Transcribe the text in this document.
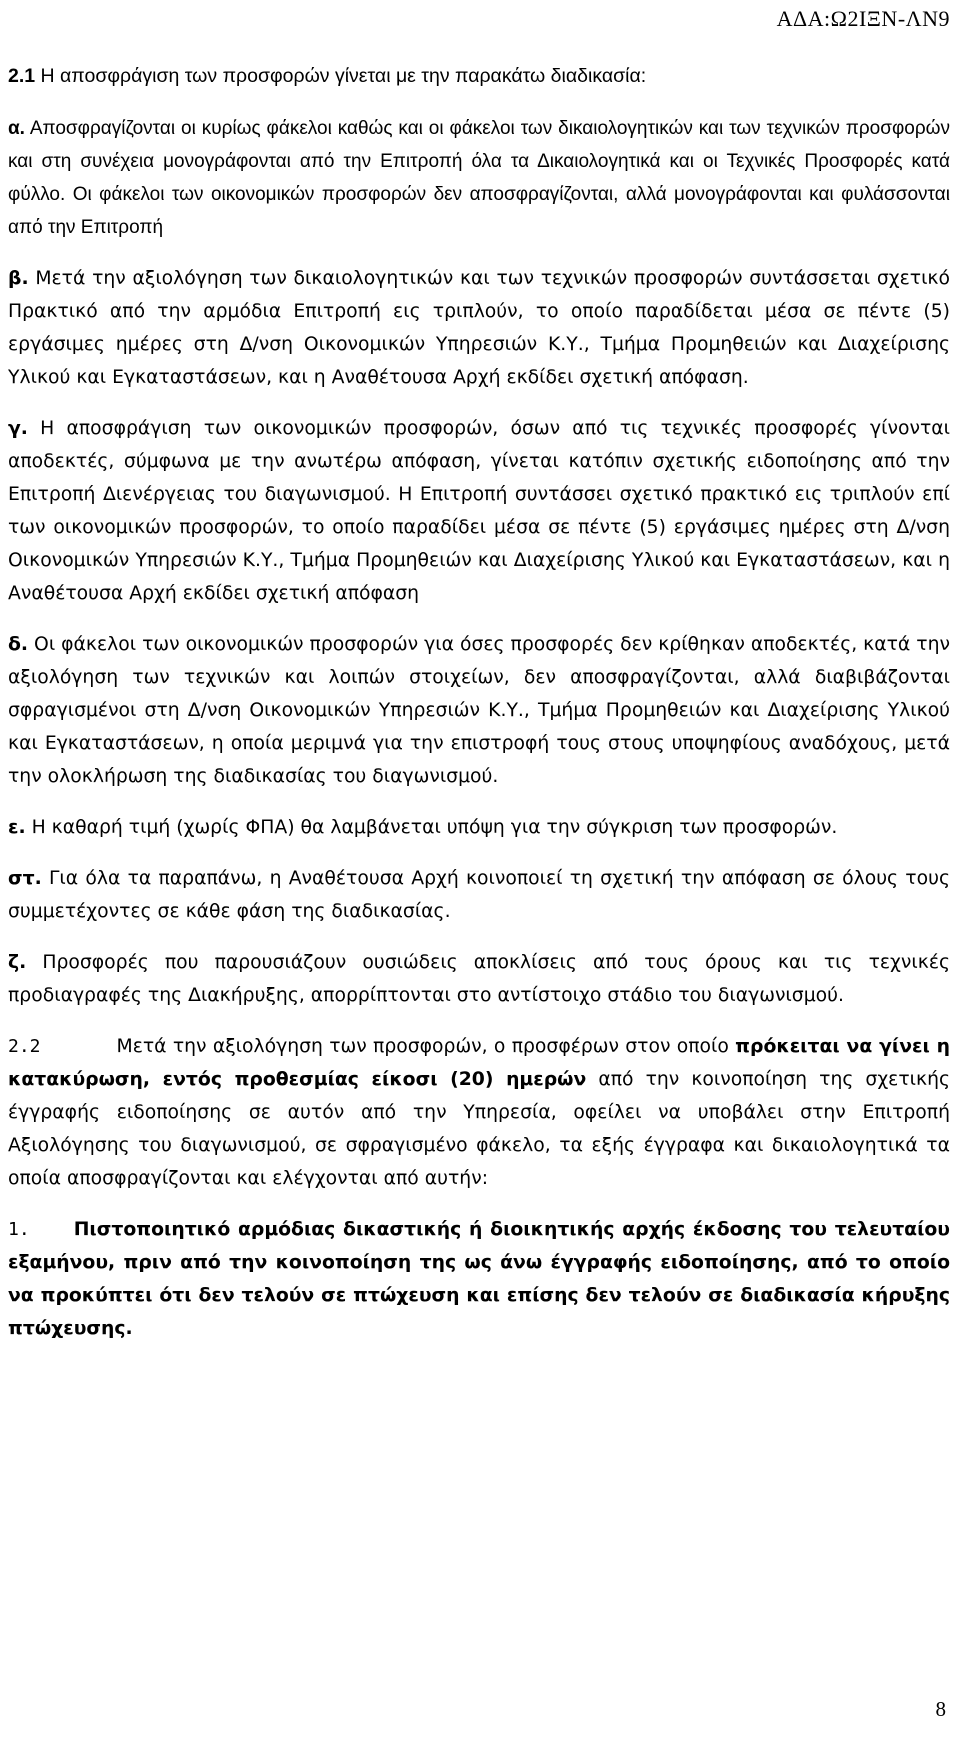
ΑΔΑ:Ω2ΙΞΝ-ΛΝ9
2.1 Η αποσφράγιση των προσφορών γίνεται με την παρακάτω διαδικασία:

α. Αποσφραγίζονται οι κυρίως φάκελοι καθώς και οι φάκελοι των δικαιολογητικών και των τεχνικών προσφορών και στη συνέχεια μονογράφονται από την Επιτροπή όλα τα Δικαιολογητικά και οι Τεχνικές Προσφορές κατά φύλλο. Οι φάκελοι των οικονομικών προσφορών δεν αποσφραγίζονται, αλλά μονογράφονται και φυλάσσονται από την Επιτροπή

β. Μετά την αξιολόγηση των δικαιολογητικών και των τεχνικών προσφορών συντάσσεται σχετικό Πρακτικό από την αρμόδια Επιτροπή εις τριπλούν, το οποίο παραδίδεται μέσα σε πέντε (5) εργάσιμες ημέρες στη Δ/νση Οικονομικών Υπηρεσιών Κ.Υ., Τμήμα Προμηθειών και Διαχείρισης Υλικού και Εγκαταστάσεων, και η Αναθέτουσα Αρχή εκδίδει σχετική απόφαση.

γ. Η αποσφράγιση των οικονομικών προσφορών, όσων από τις τεχνικές προσφορές γίνονται αποδεκτές, σύμφωνα με την ανωτέρω απόφαση, γίνεται κατόπιν σχετικής ειδοποίησης από την Επιτροπή Διενέργειας του διαγωνισμού. Η Επιτροπή συντάσσει σχετικό πρακτικό εις τριπλούν επί των οικονομικών προσφορών, το οποίο παραδίδει μέσα σε πέντε (5) εργάσιμες ημέρες στη Δ/νση Οικονομικών Υπηρεσιών Κ.Υ., Τμήμα Προμηθειών και Διαχείρισης Υλικού και Εγκαταστάσεων, και η Αναθέτουσα Αρχή εκδίδει σχετική απόφαση

δ. Οι φάκελοι των οικονομικών προσφορών για όσες προσφορές δεν κρίθηκαν αποδεκτές, κατά την αξιολόγηση των τεχνικών και λοιπών στοιχείων, δεν αποσφραγίζονται, αλλά διαβιβάζονται σφραγισμένοι στη Δ/νση Οικονομικών Υπηρεσιών Κ.Υ., Τμήμα Προμηθειών και Διαχείρισης Υλικού και Εγκαταστάσεων, η οποία μεριμνά για την επιστροφή τους στους υποψηφίους αναδόχους, μετά την ολοκλήρωση της διαδικασίας του διαγωνισμού.

ε. Η καθαρή τιμή (χωρίς ΦΠΑ) θα λαμβάνεται υπόψη για την σύγκριση των προσφορών.

στ. Για όλα τα παραπάνω, η Αναθέτουσα Αρχή κοινοποιεί τη σχετική την απόφαση σε όλους τους συμμετέχοντες σε κάθε φάση της διαδικασίας.

ζ. Προσφορές που παρουσιάζουν ουσιώδεις αποκλίσεις από τους όρους και τις τεχνικές προδιαγραφές της Διακήρυξης, απορρίπτονται στο αντίστοιχο στάδιο του διαγωνισμού.

2.2	Μετά την αξιολόγηση των προσφορών, ο προσφέρων στον οποίο πρόκειται να γίνει η κατακύρωση, εντός προθεσμίας είκοσι (20) ημερών από την κοινοποίηση της σχετικής έγγραφής ειδοποίησης σε αυτόν από την Υπηρεσία, οφείλει να υποβάλει στην Επιτροπή Αξιολόγησης του διαγωνισμού, σε σφραγισμένο φάκελο, τα εξής έγγραφα και δικαιολογητικά τα οποία αποσφραγίζονται και ελέγχονται από αυτήν:

1. Πιστοποιητικό αρμόδιας δικαστικής ή διοικητικής αρχής έκδοσης του τελευταίου εξαμήνου, πριν από την κοινοποίηση της ως άνω έγγραφής ειδοποίησης, από το οποίο να προκύπτει ότι δεν τελούν σε πτώχευση και επίσης δεν τελούν σε διαδικασία κήρυξης πτώχευσης.

8
